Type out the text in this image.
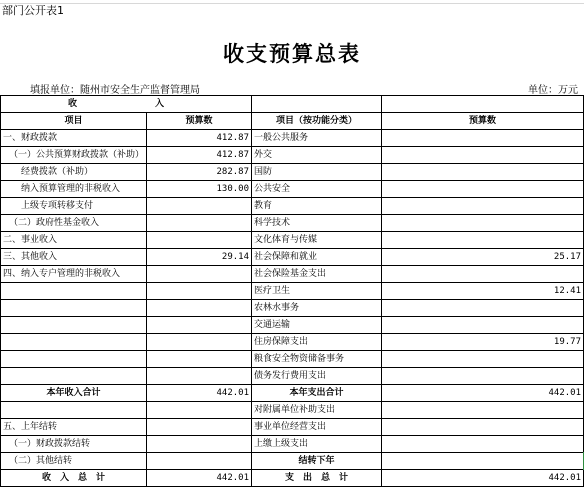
部门公开表1
收支预算总表
填报单位：随州市安全生产监督管理局	单位：万元
收　　入			
项目	预算数	项目（按功能分类）	预算数
一、财政拨款	412.87	一般公共服务	
（一）公共预算财政拨款（补助）	412.87	外交	
经费拨款（补助）	282.87	国防	
纳入预算管理的非税收入	130.00	公共安全	
上级专项转移支付		教育	
（二）政府性基金收入		科学技术	
二、事业收入		文化体育与传媒	
三、其他收入	29.14	社会保障和就业	25.17
四、纳入专户管理的非税收入		社会保险基金支出	
		医疗卫生	12.41
		农林水事务	
		交通运输	
		住房保障支出	19.77
		粮食安全物资储备事务	
		债务发行费用支出	
本年收入合计	442.01	本年支出合计	442.01
		对附属单位补助支出	
五、上年结转		事业单位经营支出	
（一）财政拨款结转		上缴上级支出	
（二）其他结转		结转下年	
收　入　总　计	442.01	支　出　总　计	442.01
